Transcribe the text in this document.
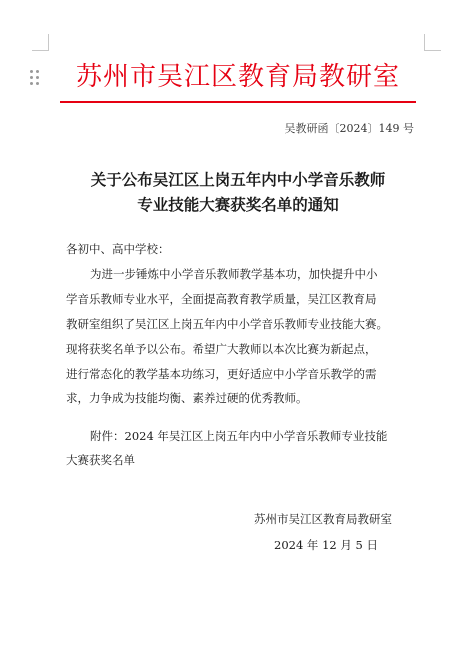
苏州市吴江区教育局教研室
吴教研函〔2024〕149 号
关于公布吴江区上岗五年内中小学音乐教师
专业技能大赛获奖名单的通知
各初中、高中学校：
为进一步锤炼中小学音乐教师教学基本功，加快提升中小
学音乐教师专业水平，全面提高教育教学质量，吴江区教育局
教研室组织了吴江区上岗五年内中小学音乐教师专业技能大赛。
现将获奖名单予以公布。希望广大教师以本次比赛为新起点，
进行常态化的教学基本功练习，更好适应中小学音乐教学的需
求，力争成为技能均衡、素养过硬的优秀教师。
附件：2024 年吴江区上岗五年内中小学音乐教师专业技能
大赛获奖名单
苏州市吴江区教育局教研室
2024 年 12 月 5 日
